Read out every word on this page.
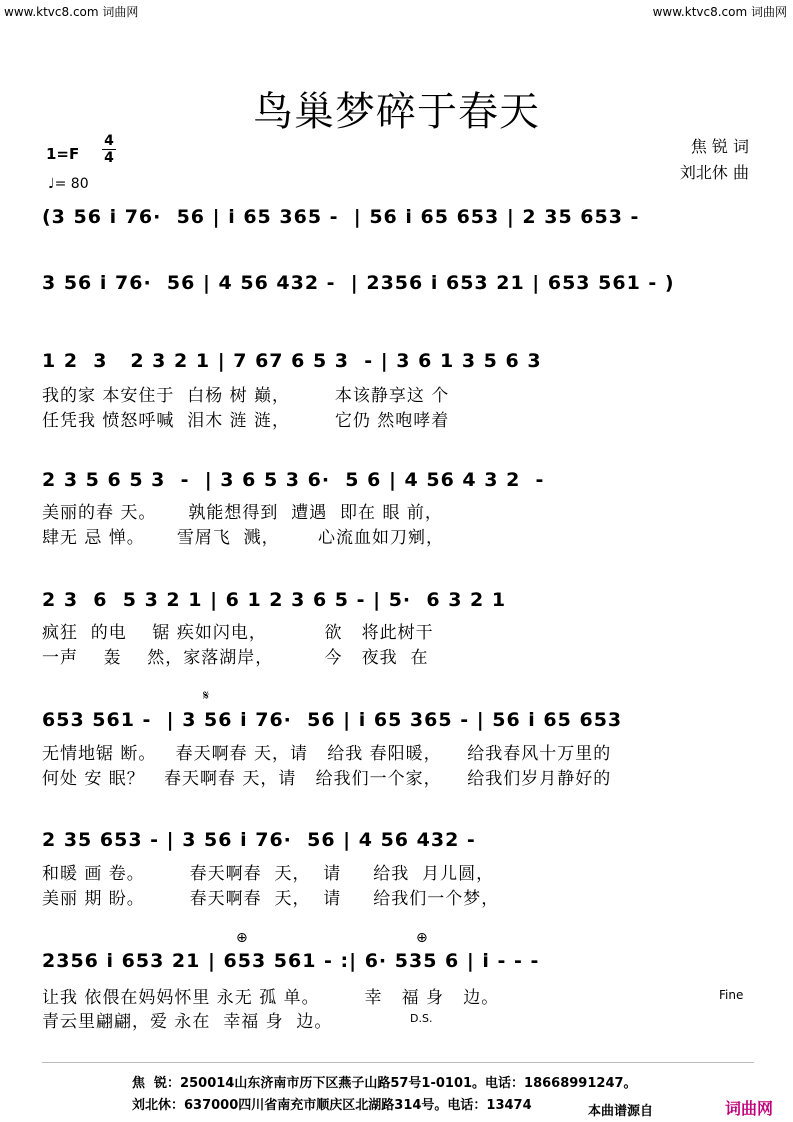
www.ktvc8.com 词曲网	www.ktvc8.com 词曲网
鸟巢梦碎于春天
1=F
4
4
♩= 80
焦 锐 词
刘北休 曲
(3 56 i 76·  56 | i 65 365 -  | 56 i 65 653 | 2 35 653 -
3 56 i 76·  56 | 4 56 432 -  | 2356 i 653 21 | 653 561 - )
1 2  3   2 3 2 1 | 7 67 6 5 3  - | 3 6 1 3 5 6 3
我的家 本安住于  白杨 树 巅，       本该静享这 个
任凭我 愤怒呼喊  泪木 涟 涟，       它仍 然咆哮着
2 3 5 6 5 3  -  | 3 6 5 3 6·  5 6 | 4 56 4 3 2  -
美丽的春 天。     孰能想得到  遭遇  即在 眼 前，
肆无 忌 惮。     雪屑飞  溅，      心流血如刀剜，
2 3  6  5 3 2 1 | 6 1 2 3 6 5 - | 5·  6 3 2 1
疯狂  的电    锯 疾如闪电，         欲   将此树干
一声    轰    然，家落湖岸，        今   夜我  在
𝄋
653 561 -  | 3 56 i 76·  56 | i 65 365 - | 56 i 65 653
无情地锯 断。   春天啊春 天，请   给我 春阳暖，    给我春风十万里的
何处 安 眠？   春天啊春 天，请   给我们一个家，    给我们岁月静好的
2 35 653 - | 3 56 i 76·  56 | 4 56 432 -
和暖 画 卷。       春天啊春  天，  请     给我  月儿圆，
美丽 期 盼。       春天啊春  天，  请     给我们一个梦，
⊕	⊕
2356 i 653 21 | 653 561 - :| 6· 535 6 | i - - -
Fine
让我 依偎在妈妈怀里 永无 孤 单。       幸   福 身   边。
青云里翩翩，爱 永在  幸福 身  边。	D.S.
焦  锐：250014山东济南市历下区燕子山路57号1-0101。电话：18668991247。
刘北休：637000四川省南充市顺庆区北湖路314号。电话：13474	本曲谱源自	词曲网
